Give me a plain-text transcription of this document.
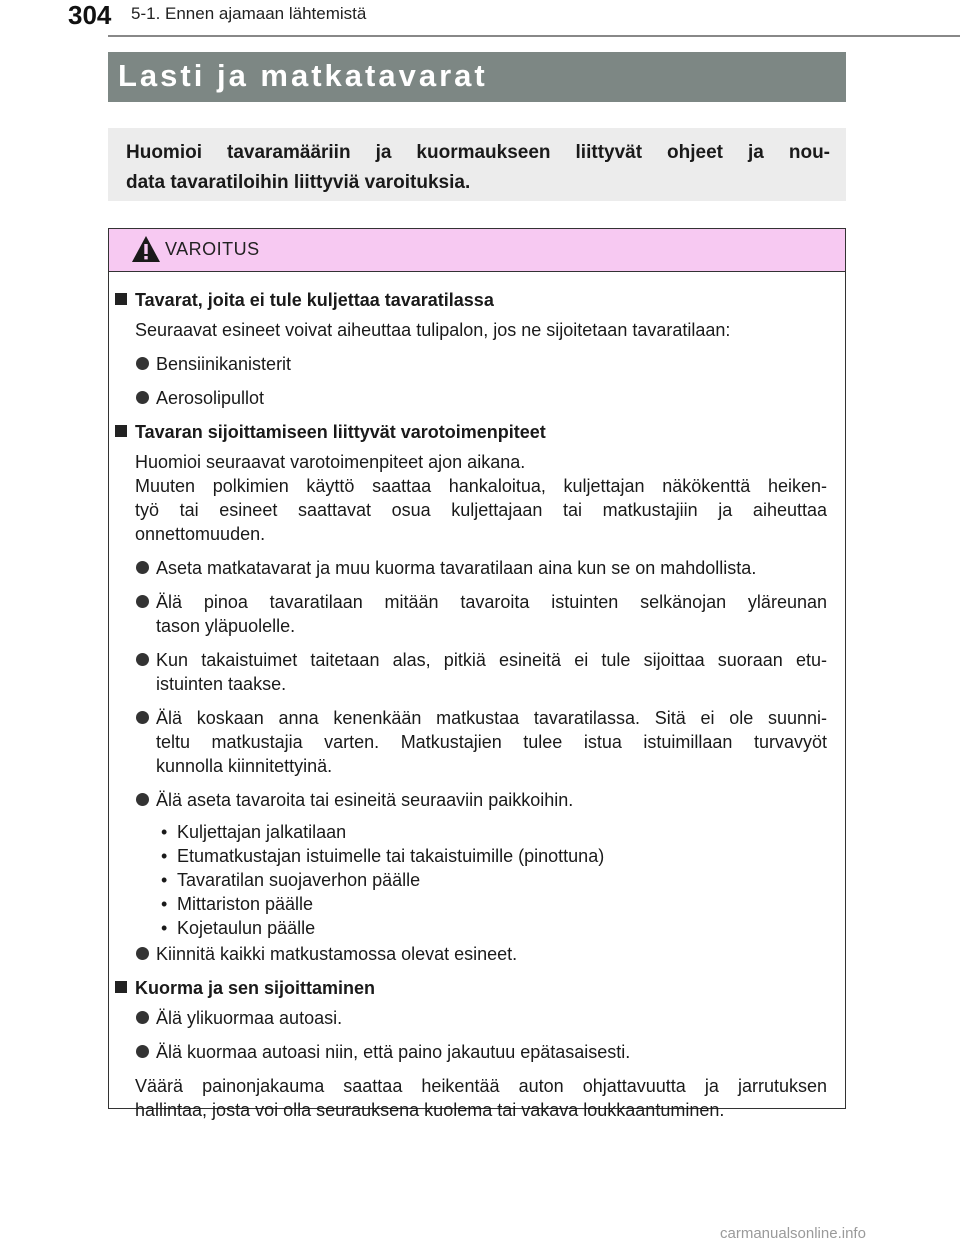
304 5-1. Ennen ajamaan lähtemistä
Lasti ja matkatavarat

Huomioi tavaramääriin ja kuormaukseen liittyvät ohjeet ja nou-
data tavaratiloihin liittyviä varoituksia.

VAROITUS
Tavarat, joita ei tule kuljettaa tavaratilassa
Seuraavat esineet voivat aiheuttaa tulipalon, jos ne sijoitetaan tavaratilaan:
Bensiinikanisterit
Aerosolipullot
Tavaran sijoittamiseen liittyvät varotoimenpiteet
Huomioi seuraavat varotoimenpiteet ajon aikana.
Muuten polkimien käyttö saattaa hankaloitua, kuljettajan näkökenttä heiken-
työ tai esineet saattavat osua kuljettajaan tai matkustajiin ja aiheuttaa
onnettomuuden.
Aseta matkatavarat ja muu kuorma tavaratilaan aina kun se on mahdollista.
Älä pinoa tavaratilaan mitään tavaroita istuinten selkänojan yläreunan
tason yläpuolelle.
Kun takaistuimet taitetaan alas, pitkiä esineitä ei tule sijoittaa suoraan etu-
istuinten taakse.
Älä koskaan anna kenenkään matkustaa tavaratilassa. Sitä ei ole suunni-
teltu matkustajia varten. Matkustajien tulee istua istuimillaan turvavyöt
kunnolla kiinnitettyinä.
Älä aseta tavaroita tai esineitä seuraaviin paikkoihin.
• Kuljettajan jalkatilaan
• Etumatkustajan istuimelle tai takaistuimille (pinottuna)
• Tavaratilan suojaverhon päälle
• Mittariston päälle
• Kojetaulun päälle
Kiinnitä kaikki matkustamossa olevat esineet.
Kuorma ja sen sijoittaminen
Älä ylikuormaa autoasi.
Älä kuormaa autoasi niin, että paino jakautuu epätasaisesti.
Väärä painonjakauma saattaa heikentää auton ohjattavuutta ja jarrutuksen
hallintaa, josta voi olla seurauksena kuolema tai vakava loukkaantuminen.
carmanualsonline.info
